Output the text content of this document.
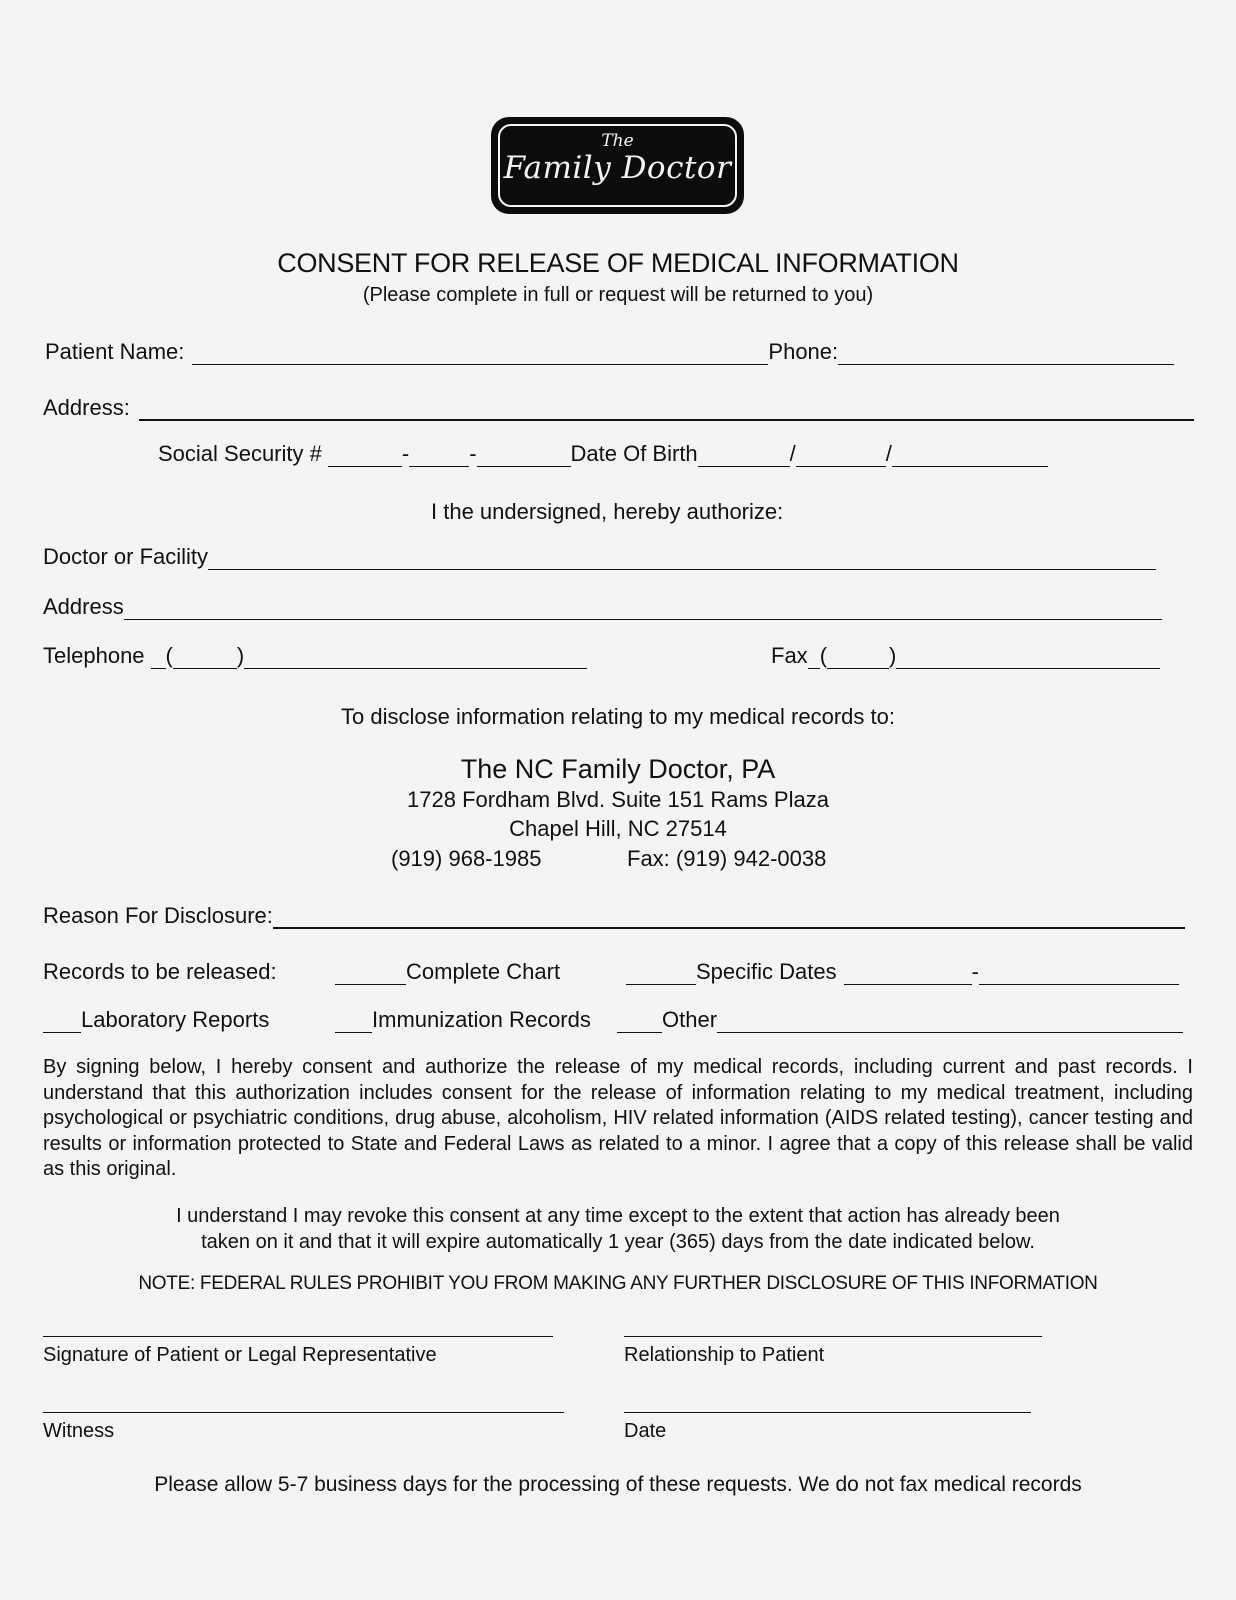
The
Family Doctor
CONSENT FOR RELEASE OF MEDICAL INFORMATION
(Please complete in full or request will be returned to you)
Patient Name:	Phone:
Address:
Social Security #	-	-	Date Of Birth	/	/
I the undersigned, hereby authorize:
Doctor or Facility
Address
Telephone (	)	Fax (	)
To disclose information relating to my medical records to:
The NC Family Doctor, PA
1728 Fordham Blvd. Suite 151 Rams Plaza
Chapel Hill, NC 27514
(919) 968-1985	Fax: (919) 942-0038
Reason For Disclosure:
Records to be released:	Complete Chart	Specific Dates	-
Laboratory Reports	Immunization Records	Other
By signing below, I hereby consent and authorize the release of my medical records, including current and past records. I understand that this authorization includes consent for the release of information relating to my medical treatment, including psychological or psychiatric conditions, drug abuse, alcoholism, HIV related information (AIDS related testing), cancer testing and results or information protected to State and Federal Laws as related to a minor. I agree that a copy of this release shall be valid as this original.
I understand I may revoke this consent at any time except to the extent that action has already been
taken on it and that it will expire automatically 1 year (365) days from the date indicated below.
NOTE: FEDERAL RULES PROHIBIT YOU FROM MAKING ANY FURTHER DISCLOSURE OF THIS INFORMATION
Signature of Patient or Legal Representative	Relationship to Patient
Witness	Date
Please allow 5-7 business days for the processing of these requests. We do not fax medical records
